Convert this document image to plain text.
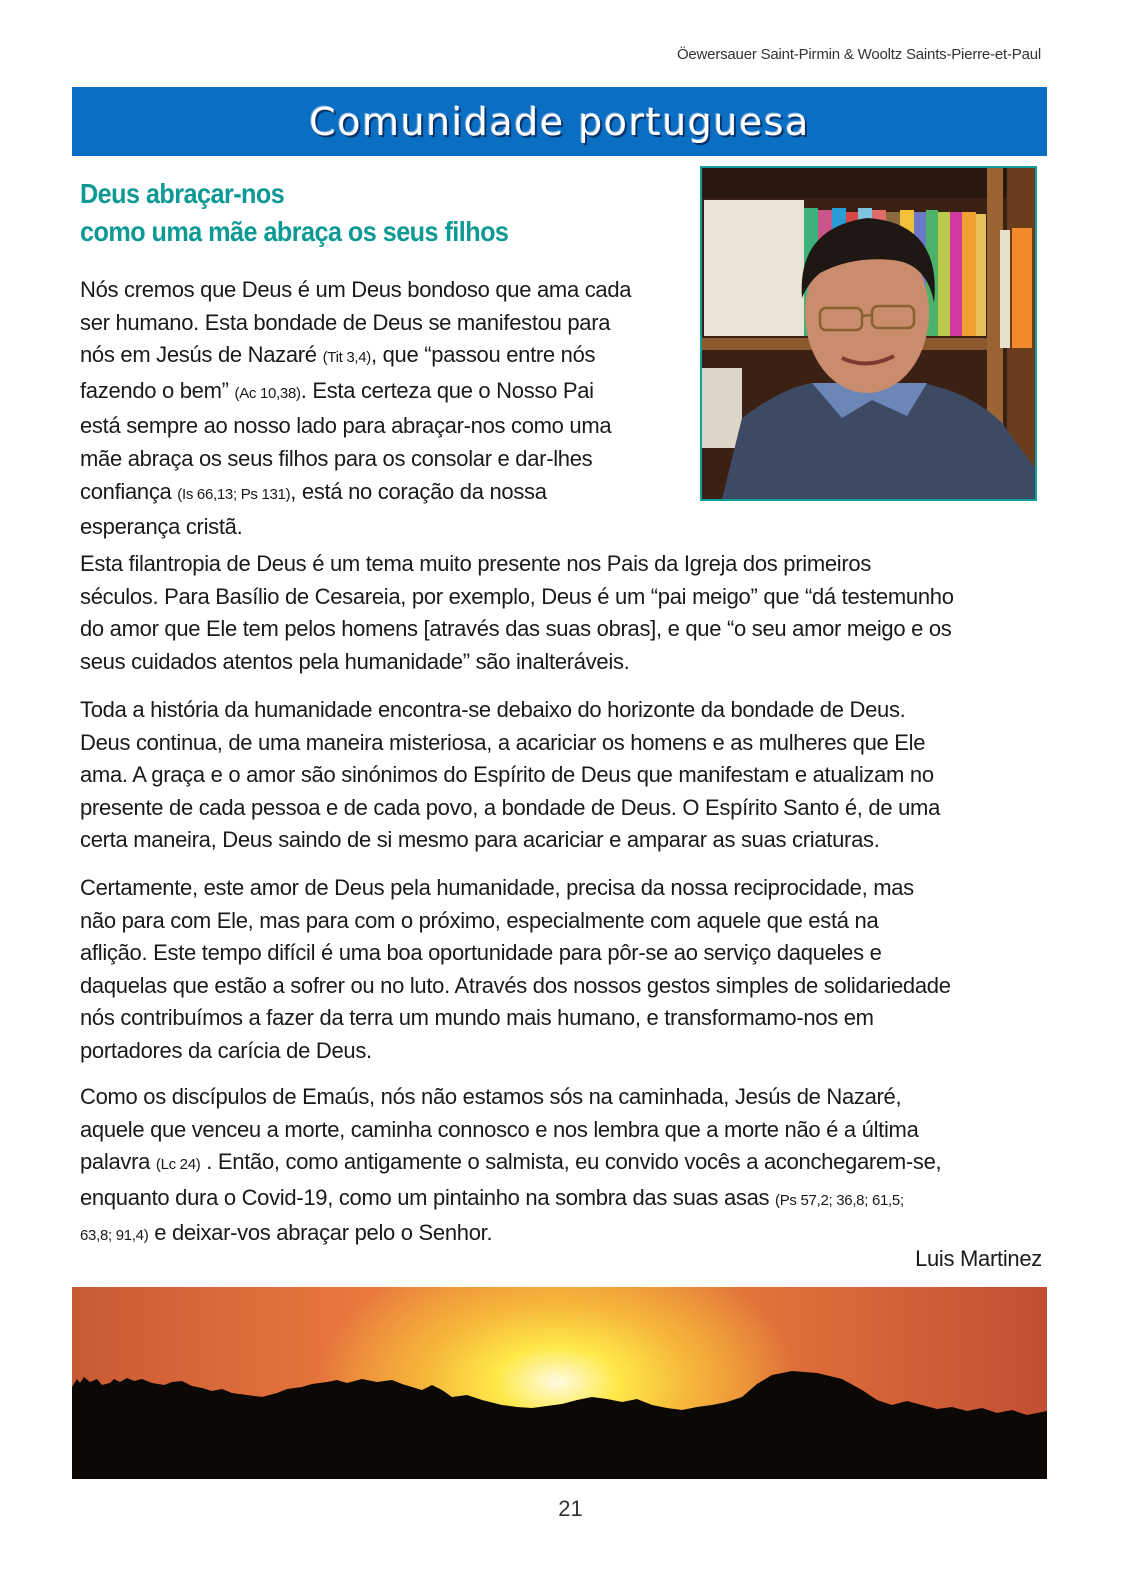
Öewersauer Saint-Pirmin & Wooltz Saints-Pierre-et-Paul
Comunidade portuguesa
Deus abraçar-nos
como uma mãe abraça os seus filhos
Nós cremos que Deus é um Deus bondoso que ama cada
ser humano. Esta bondade de Deus se manifestou para
nós em Jesús de Nazaré (Tit 3,4), que “passou entre nós
fazendo o bem” (Ac 10,38). Esta certeza que o Nosso Pai
está sempre ao nosso lado para abraçar-nos como uma
mãe abraça os seus filhos para os consolar e dar-lhes
confiança (Is 66,13; Ps 131), está no coração da nossa
esperança cristã.
Esta filantropia de Deus é um tema muito presente nos Pais da Igreja dos primeiros
séculos. Para Basílio de Cesareia, por exemplo, Deus é um “pai meigo” que “dá testemunho
do amor que Ele tem pelos homens [através das suas obras], e que “o seu amor meigo e os
seus cuidados atentos pela humanidade” são inalteráveis.
Toda a história da humanidade encontra-se debaixo do horizonte da bondade de Deus.
Deus continua, de uma maneira misteriosa, a acariciar os homens e as mulheres que Ele
ama. A graça e o amor são sinónimos do Espírito de Deus que manifestam e atualizam no
presente de cada pessoa e de cada povo, a bondade de Deus. O Espírito Santo é, de uma
certa maneira, Deus saindo de si mesmo para acariciar e amparar as suas criaturas.
Certamente, este amor de Deus pela humanidade, precisa da nossa reciprocidade, mas
não para com Ele, mas para com o próximo, especialmente com aquele que está na
aflição. Este tempo difícil é uma boa oportunidade para pôr-se ao serviço daqueles e
daquelas que estão a sofrer ou no luto. Através dos nossos gestos simples de solidariedade
nós contribuímos a fazer da terra um mundo mais humano, e transformamo-nos em
portadores da carícia de Deus.
Como os discípulos de Emaús, nós não estamos sós na caminhada, Jesús de Nazaré,
aquele que venceu a morte, caminha connosco e nos lembra que a morte não é a última
palavra (Lc 24) . Então, como antigamente o salmista, eu convido vocês a aconchegarem-se,
enquanto dura o Covid-19, como um pintainho na sombra das suas asas (Ps 57,2; 36,8; 61,5;
63,8; 91,4) e deixar-vos abraçar pelo o Senhor.
Luis Martinez
21
